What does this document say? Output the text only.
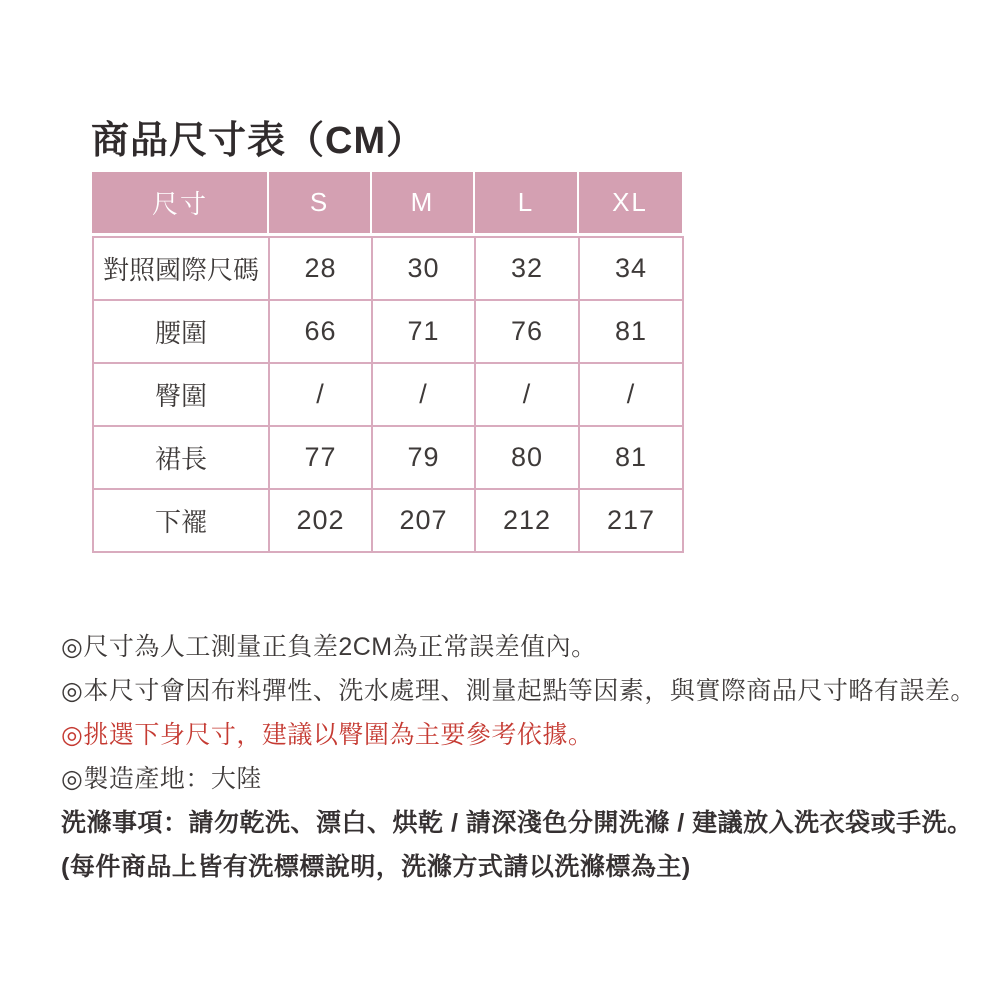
商品尺寸表（CM）
尺寸	S	M	L	XL
對照國際尺碼	28	30	32	34
腰圍	66	71	76	81
臀圍	/	/	/	/
裙長	77	79	80	81
下襬	202	207	212	217
◎尺寸為人工測量正負差2CM為正常誤差值內。
◎本尺寸會因布料彈性、洗水處理、測量起點等因素，與實際商品尺寸略有誤差。
◎挑選下身尺寸，建議以臀圍為主要參考依據。
◎製造產地：大陸
洗滌事項：請勿乾洗、漂白、烘乾 / 請深淺色分開洗滌 / 建議放入洗衣袋或手洗。
(每件商品上皆有洗標標說明，洗滌方式請以洗滌標為主)
